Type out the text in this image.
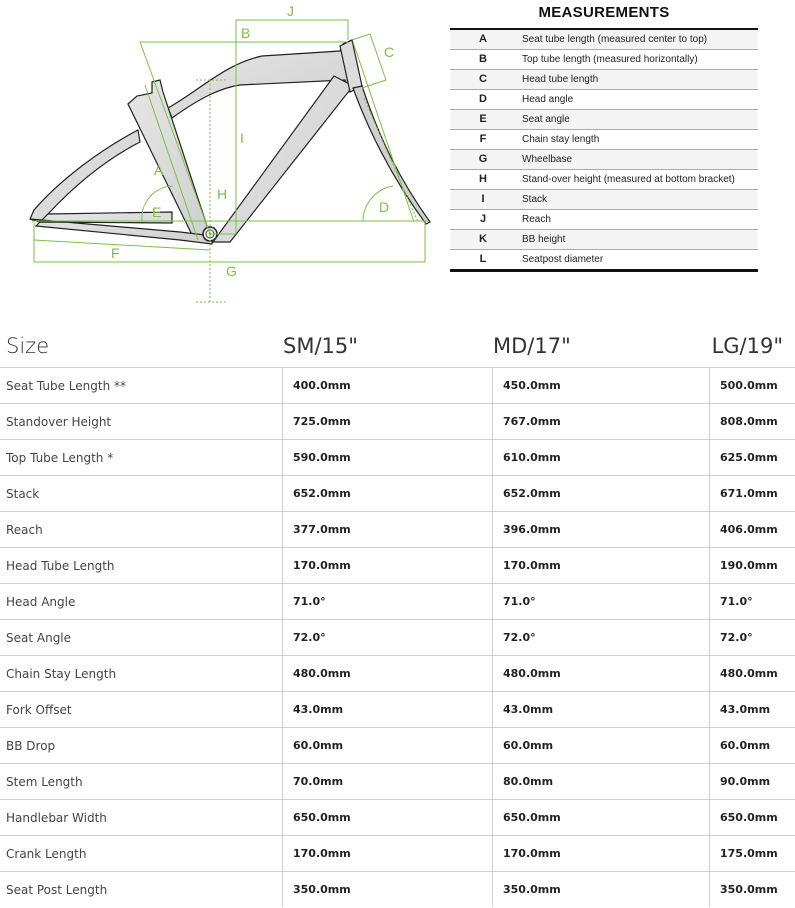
J
B
C
D
E
F
G
H
I
A
MEASUREMENTS
A	Seat tube length (measured center to top)
B	Top tube length (measured horizontally)
C	Head tube length
D	Head angle
E	Seat angle
F	Chain stay length
G	Wheelbase
H	Stand-over height (measured at bottom bracket)
I	Stack
J	Reach
K	BB height
L	Seatpost diameter
Size	SM/15"	MD/17"	LG/19"
Seat Tube Length **	400.0mm	450.0mm	500.0mm
Standover Height	725.0mm	767.0mm	808.0mm
Top Tube Length *	590.0mm	610.0mm	625.0mm
Stack	652.0mm	652.0mm	671.0mm
Reach	377.0mm	396.0mm	406.0mm
Head Tube Length	170.0mm	170.0mm	190.0mm
Head Angle	71.0°	71.0°	71.0°
Seat Angle	72.0°	72.0°	72.0°
Chain Stay Length	480.0mm	480.0mm	480.0mm
Fork Offset	43.0mm	43.0mm	43.0mm
BB Drop	60.0mm	60.0mm	60.0mm
Stem Length	70.0mm	80.0mm	90.0mm
Handlebar Width	650.0mm	650.0mm	650.0mm
Crank Length	170.0mm	170.0mm	175.0mm
Seat Post Length	350.0mm	350.0mm	350.0mm
